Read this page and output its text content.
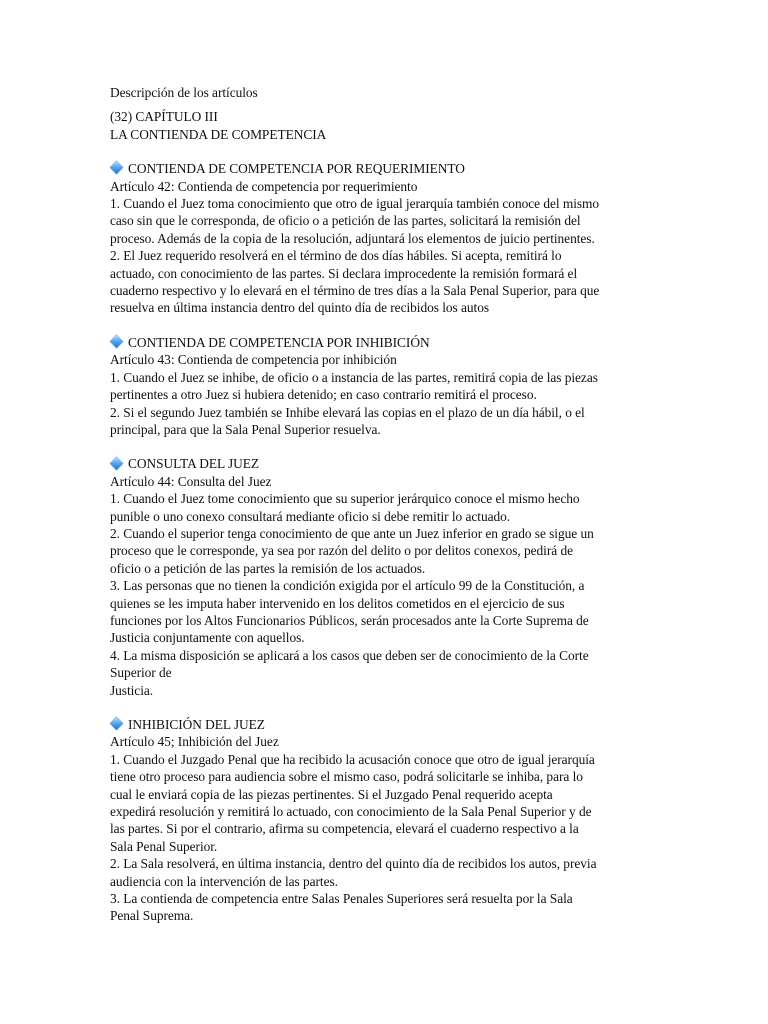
Descripción de los artículos
(32) CAPÍTULO III
LA CONTIENDA DE COMPETENCIA
CONTIENDA DE COMPETENCIA POR REQUERIMIENTO
Artículo 42: Contienda de competencia por requerimiento
1. Cuando el Juez toma conocimiento que otro de igual jerarquía también conoce del mismo
caso sin que le corresponda, de oficio o a petición de las partes, solicitará la remisión del
proceso. Además de la copia de la resolución, adjuntará los elementos de juicio pertinentes.
2. El Juez requerido resolverá en el término de dos días hábiles. Si acepta, remitirá lo
actuado, con conocimiento de las partes. Si declara improcedente la remisión formará el
cuaderno respectivo y lo elevará en el término de tres días a la Sala Penal Superior, para que
resuelva en última instancia dentro del quinto día de recibidos los autos
CONTIENDA DE COMPETENCIA POR INHIBICIÓN
Artículo 43: Contienda de competencia por inhibición
1. Cuando el Juez se inhibe, de oficio o a instancia de las partes, remitirá copia de las piezas
pertinentes a otro Juez si hubiera detenido; en caso contrario remitirá el proceso.
2. Si el segundo Juez también se Inhibe elevará las copias en el plazo de un día hábil, o el
principal, para que la Sala Penal Superior resuelva.
CONSULTA DEL JUEZ
Artículo 44: Consulta del Juez
1. Cuando el Juez tome conocimiento que su superior jerárquico conoce el mismo hecho
punible o uno conexo consultará mediante oficio si debe remitir lo actuado.
2. Cuando el superior tenga conocimiento de que ante un Juez inferior en grado se sigue un
proceso que le corresponde, ya sea por razón del delito o por delitos conexos, pedirá de
oficio o a petición de las partes la remisión de los actuados.
3. Las personas que no tienen la condición exigida por el artículo 99 de la Constitución, a
quienes se les imputa haber intervenido en los delitos cometidos en el ejercicio de sus
funciones por los Altos Funcionarios Públicos, serán procesados ante la Corte Suprema de
Justicia conjuntamente con aquellos.
4. La misma disposición se aplicará a los casos que deben ser de conocimiento de la Corte
Superior de
Justicia.
INHIBICIÓN DEL JUEZ
Artículo 45; Inhibición del Juez
1. Cuando el Juzgado Penal que ha recibido la acusación conoce que otro de igual jerarquía
tiene otro proceso para audiencia sobre el mismo caso, podrá solicitarle se inhiba, para lo
cual le enviará copia de las piezas pertinentes. Si el Juzgado Penal requerido acepta
expedirá resolución y remitirá lo actuado, con conocimiento de la Sala Penal Superior y de
las partes. Si por el contrario, afirma su competencia, elevará el cuaderno respectivo a la
Sala Penal Superior.
2. La Sala resolverá, en última instancia, dentro del quinto día de recibidos los autos, previa
audiencia con la intervención de las partes.
3. La contienda de competencia entre Salas Penales Superiores será resuelta por la Sala
Penal Suprema.
